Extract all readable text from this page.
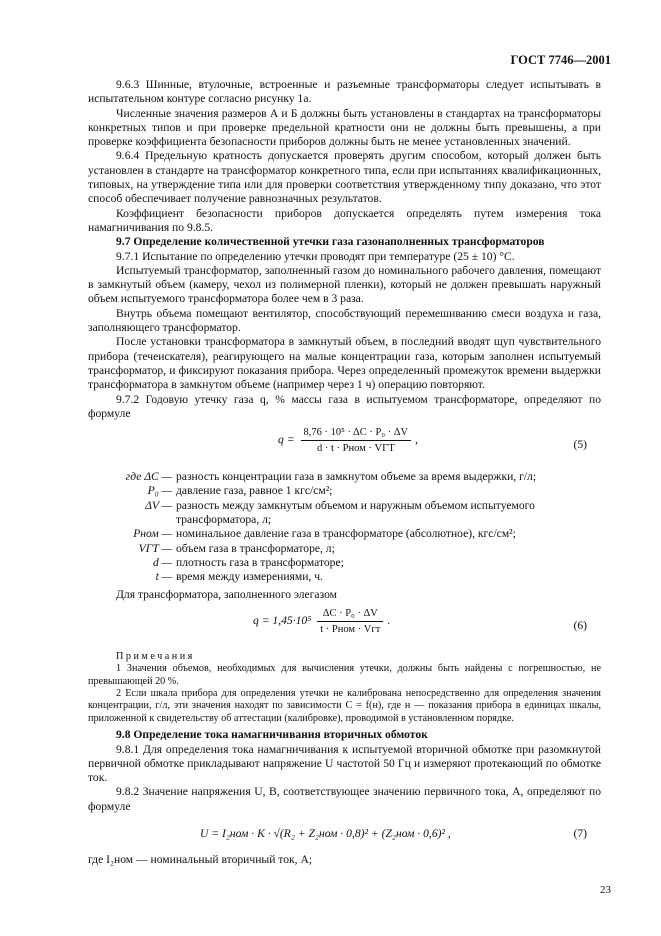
ГОСТ 7746—2001

9.6.3 Шинные, втулочные, встроенные и разъемные трансформаторы следует испытывать в испытательном контуре согласно рисунку 1а.

Численные значения размеров А и Б должны быть установлены в стандартах на трансформаторы конкретных типов и при проверке предельной кратности они не должны быть превышены, а при проверке коэффициента безопасности приборов должны быть не менее установленных значений.

9.6.4 Предельную кратность допускается проверять другим способом, который должен быть установлен в стандарте на трансформатор конкретного типа, если при испытаниях квалификационных, типовых, на утверждение типа или для проверки соответствия утвержденному типу доказано, что этот способ обеспечивает получение равнозначных результатов.

Коэффициент безопасности приборов допускается определять путем измерения тока намагничивания по 9.8.5.

9.7 Определение количественной утечки газа газонаполненных трансформаторов

9.7.1 Испытание по определению утечки проводят при температуре (25 ± 10) °С.

Испытуемый трансформатор, заполненный газом до номинального рабочего давления, помещают в замкнутый объем (камеру, чехол из полимерной пленки), который не должен превышать наружный объем испытуемого трансформатора более чем в 3 раза.

Внутрь объема помещают вентилятор, способствующий перемешиванию смеси воздуха и газа, заполняющего трансформатор.

После установки трансформатора в замкнутый объем, в последний вводят щуп чувствительного прибора (течеискателя), реагирующего на малые концентрации газа, которым заполнен испытуемый трансформатор, и фиксируют показания прибора. Через определенный промежуток времени выдержки трансформатора в замкнутом объеме (например через 1 ч) операцию повторяют.

9.7.2 Годовую утечку газа q, % массы газа в испытуемом трансформаторе, определяют по формуле

$q = \frac{\text{8,76 · 10⁵ · ΔC · P₀ · ΔV}}{\text{d · t · Pном · VГТ}}$ ,	(5)
где ΔC — разность концентрации газа в замкнутом объеме за время выдержки, г/л;
P₀ — давление газа, равное 1 кгс/см²;
ΔV — разность между замкнутым объемом и наружным объемом испытуемого трансформатора, л;
Pном — номинальное давление газа в трансформаторе (абсолютное), кгс/см²;
VГТ — объем газа в трансформаторе, л;
d — плотность газа в трансформаторе;
t — время между измерениями, ч.

Для трансформатора, заполненного элегазом

$q = 1,45\cdot 10^5 \frac{\text{ΔC · P₀ · ΔV}}{\text{t · Pном · Vгт}}$ .	(6)

Примечания

1 Значения объемов, необходимых для вычисления утечки, должны быть найдены с погрешностью, не превышающей 20 %.

2 Если шкала прибора для определения утечки не калибрована непосредственно для определения значения концентрации, г/л, эти значения находят по зависимости C = f(н), где н — показания прибора в единицах шкалы, приложенной к свидетельству об аттестации (калибровке), проводимой в установленном порядке.

9.8 Определение тока намагничивания вторичных обмоток

9.8.1 Для определения тока намагничивания к испытуемой вторичной обмотке при разомкнутой первичной обмотке прикладывают напряжение U частотой 50 Гц и измеряют протекающий по обмотке ток.

9.8.2 Значение напряжения U, В, соответствующее значению первичного тока, А, определяют по формуле

U = I₂ном · K · √(R₂ + Z₂ном · 0,8)² + (Z₂ном · 0,6)² ,	(7)

где I₂ном — номинальный вторичный ток, А;

23
